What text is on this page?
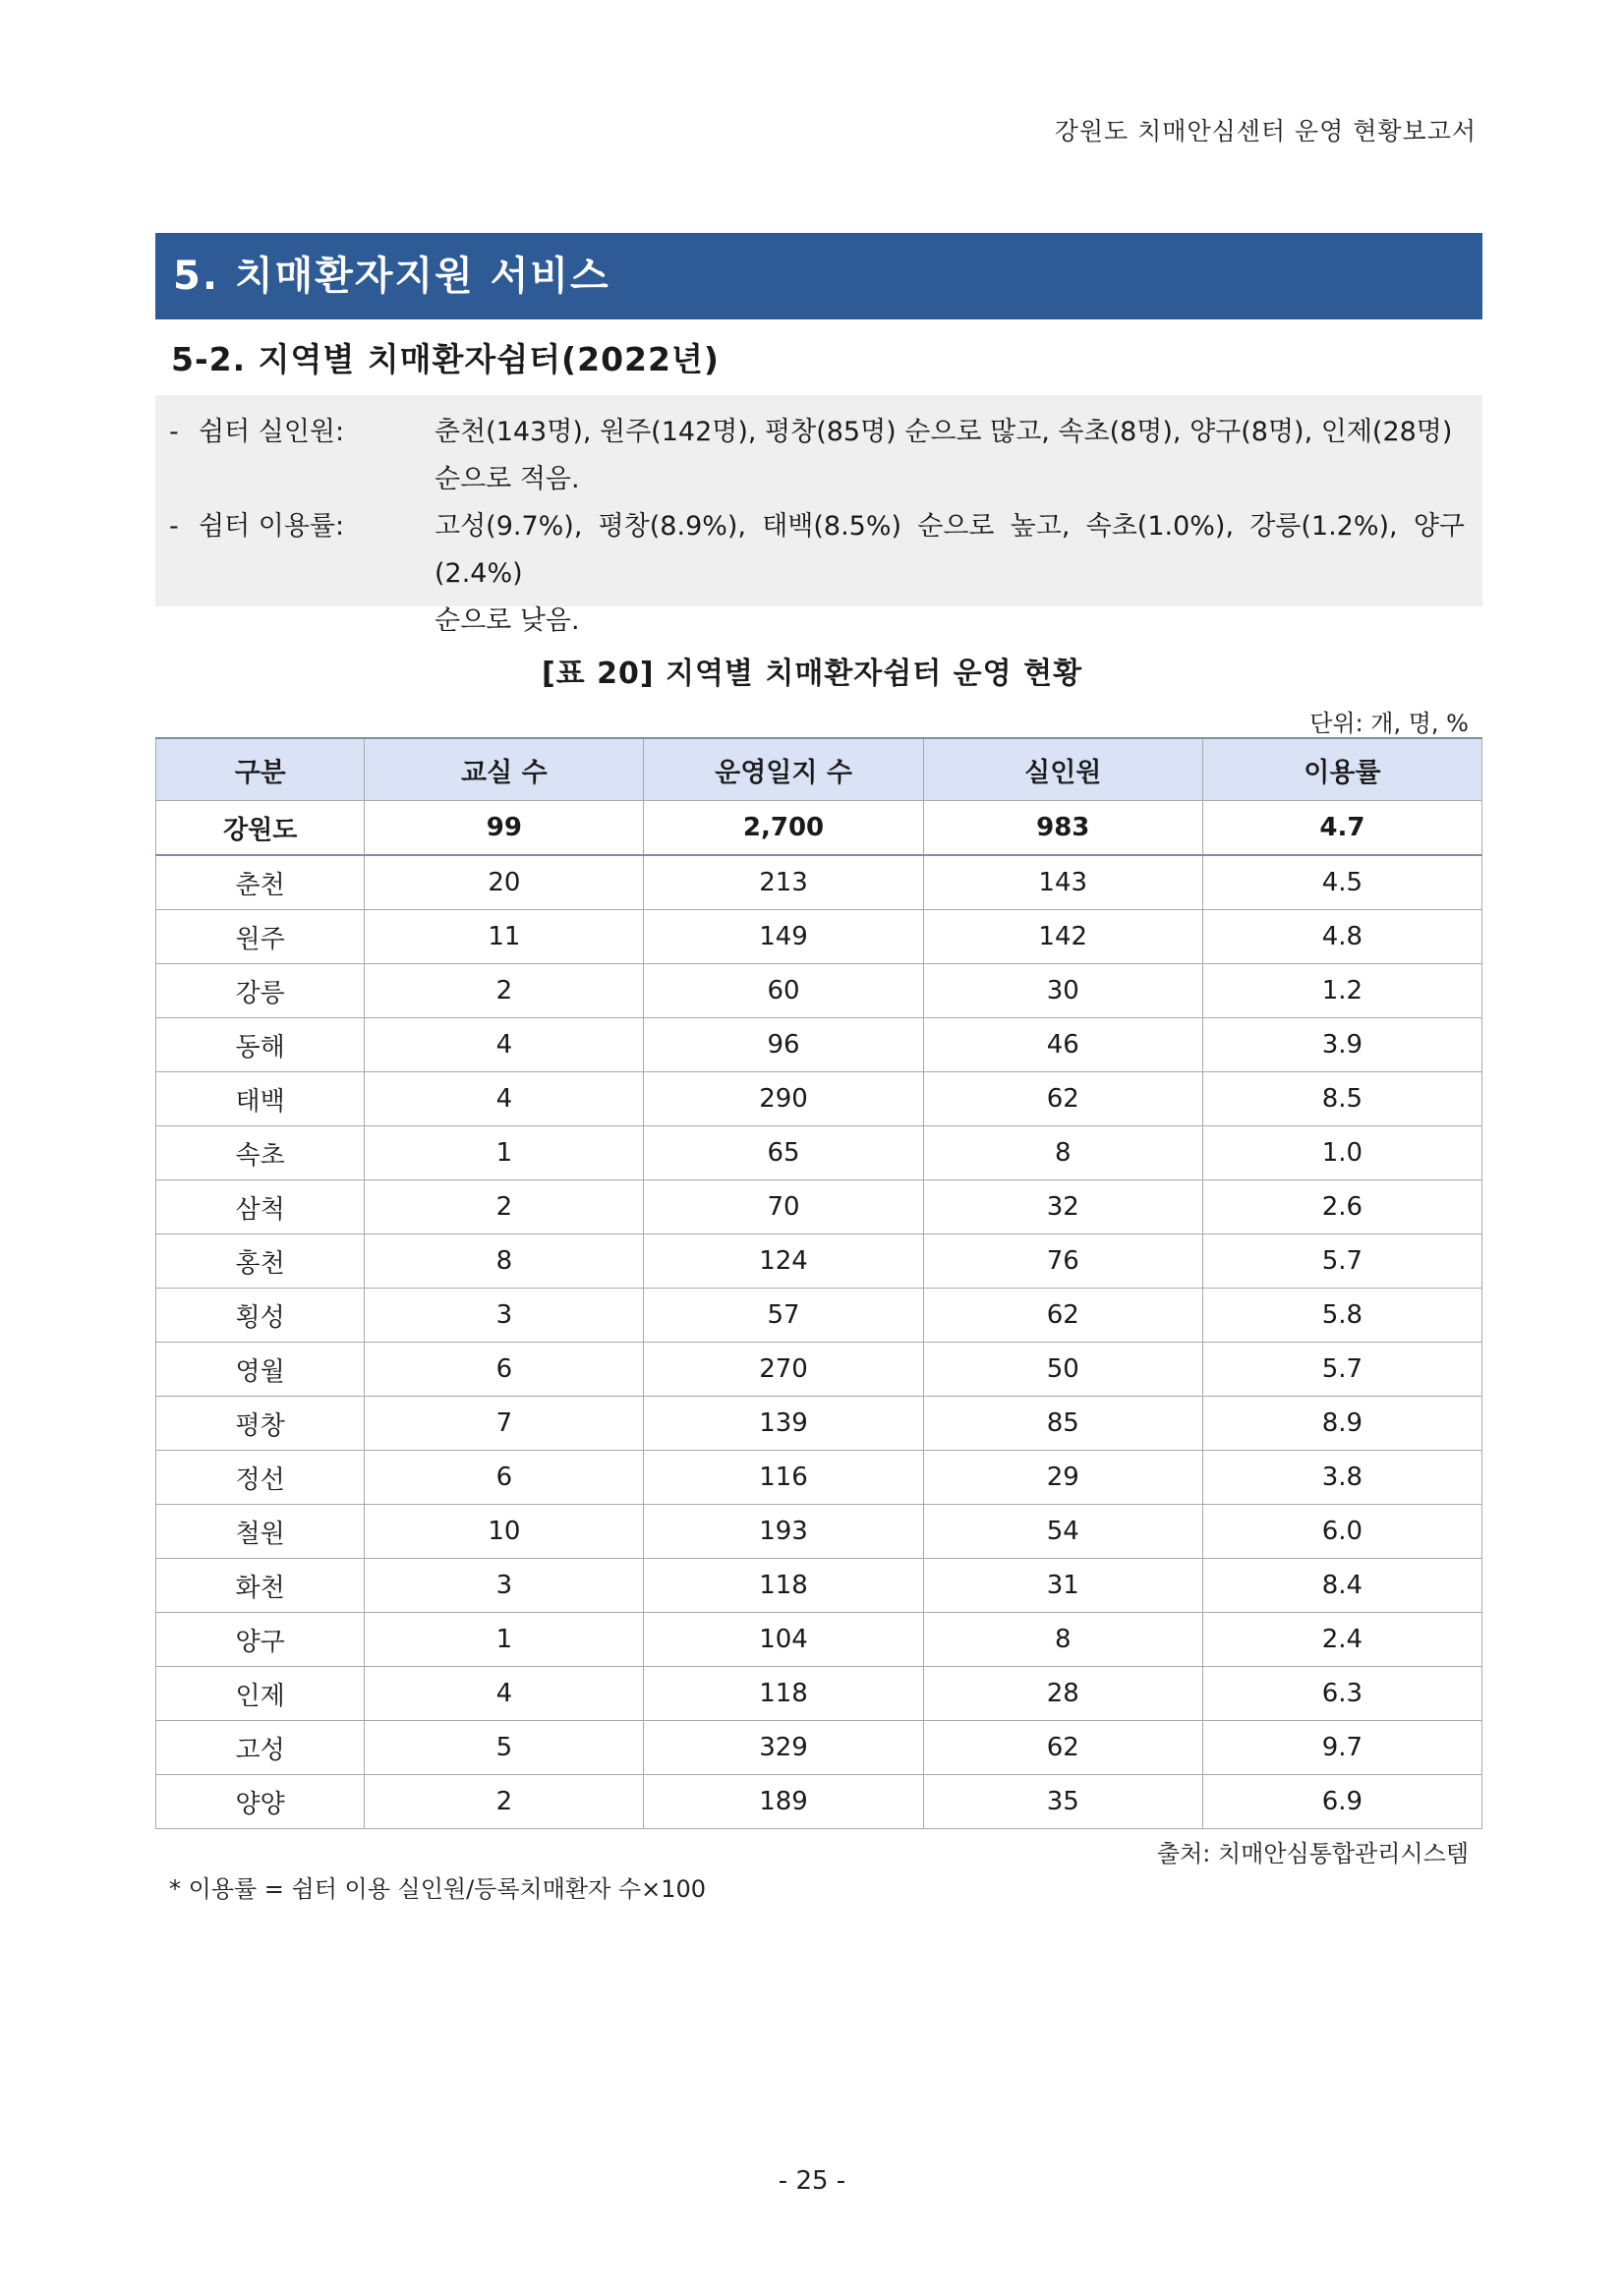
강원도 치매안심센터 운영 현황보고서
5. 치매환자지원 서비스
5-2. 지역별 치매환자쉼터(2022년)
- 쉼터 실인원:	춘천(143명), 원주(142명), 평창(85명) 순으로 많고, 속초(8명), 양구(8명), 인제(28명)
순으로 적음.
- 쉼터 이용률:	고성(9.7%), 평창(8.9%), 태백(8.5%) 순으로 높고, 속초(1.0%), 강릉(1.2%), 양구(2.4%)
순으로 낮음.
[표 20] 지역별 치매환자쉼터 운영 현황
단위: 개, 명, %
구분	교실 수	운영일지 수	실인원	이용률
강원도	99	2,700	983	4.7
춘천	20	213	143	4.5
원주	11	149	142	4.8
강릉	2	60	30	1.2
동해	4	96	46	3.9
태백	4	290	62	8.5
속초	1	65	8	1.0
삼척	2	70	32	2.6
홍천	8	124	76	5.7
횡성	3	57	62	5.8
영월	6	270	50	5.7
평창	7	139	85	8.9
정선	6	116	29	3.8
철원	10	193	54	6.0
화천	3	118	31	8.4
양구	1	104	8	2.4
인제	4	118	28	6.3
고성	5	329	62	9.7
양양	2	189	35	6.9
출처: 치매안심통합관리시스템
* 이용률 = 쉼터 이용 실인원/등록치매환자 수×100
- 25 -
